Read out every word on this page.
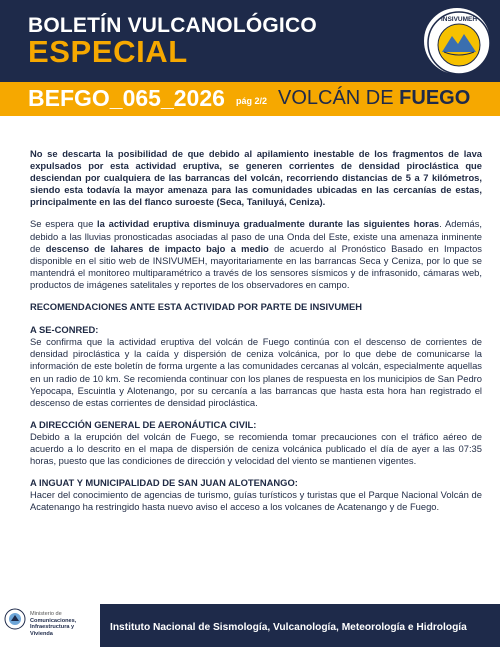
BOLETÍN VULCANOLÓGICO
ESPECIAL
INSIVUMEH
BEFGO_065_2026 pág 2/2 VOLCÁN DE FUEGO

No se descarta la posibilidad de que debido al apilamiento inestable de los fragmentos de lava expulsados por esta actividad eruptiva, se generen corrientes de densidad piroclástica que desciendan por cualquiera de las barrancas del volcán, recorriendo distancias de 5 a 7 kilómetros, siendo esta todavía la mayor amenaza para las comunidades ubicadas en las cercanías de estas, principalmente en las del flanco suroeste (Seca, Taniluyá, Ceniza).

Se espera que la actividad eruptiva disminuya gradualmente durante las siguientes horas. Además, debido a las lluvias pronosticadas asociadas al paso de una Onda del Este, existe una amenaza inminente de descenso de lahares de impacto bajo a medio de acuerdo al Pronóstico Basado en Impactos disponible en el sitio web de INSIVUMEH, mayoritariamente en las barrancas Seca y Ceniza, por lo que se mantendrá el monitoreo multiparamétrico a través de los sensores sísmicos y de infrasonido, cámaras web, productos de imágenes satelitales y reportes de los observadores en campo.

RECOMENDACIONES ANTE ESTA ACTIVIDAD POR PARTE DE INSIVUMEH

A SE-CONRED:

Se confirma que la actividad eruptiva del volcán de Fuego continúa con el descenso de corrientes de densidad piroclástica y la caída y dispersión de ceniza volcánica, por lo que debe de comunicarse la información de este boletín de forma urgente a las comunidades cercanas al volcán, especialmente aquellas en un radio de 10 km. Se recomienda continuar con los planes de respuesta en los municipios de San Pedro Yepocapa, Escuintla y Alotenango, por su cercanía a las barrancas que hasta esta hora han registrado el descenso de estas corrientes de densidad piroclástica.

A DIRECCIÓN GENERAL DE AERONÁUTICA CIVIL:

Debido a la erupción del volcán de Fuego, se recomienda tomar precauciones con el tráfico aéreo de acuerdo a lo descrito en el mapa de dispersión de ceniza volcánica publicado el día de ayer a las 07:35 horas, puesto que las condiciones de dirección y velocidad del viento se mantienen vigentes.

A INGUAT Y MUNICIPALIDAD DE SAN JUAN ALOTENANGO:

Hacer del conocimiento de agencias de turismo, guías turísticos y turistas que el Parque Nacional Volcán de Acatenango ha restringido hasta nuevo aviso el acceso a los volcanes de Acatenango y de Fuego.

Ministerio de
Comunicaciones,
Infraestructura y
Vivienda
Instituto Nacional de Sismología, Vulcanología, Meteorología e Hidrología
